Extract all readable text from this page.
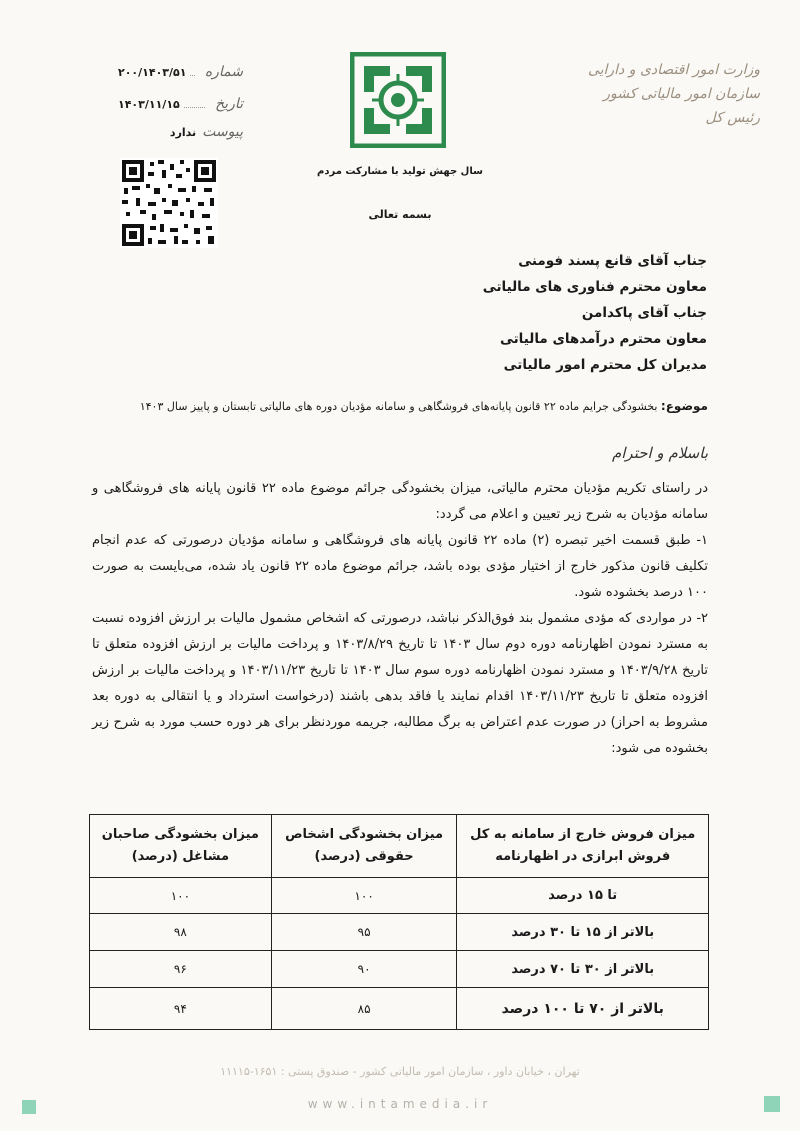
شماره
۲۰۰/۱۴۰۳/۵۱
تاریخ
۱۴۰۳/۱۱/۱۵
پیوست
ندارد
وزارت امور اقتصادی و دارایی
سازمان امور مالیاتی کشور
رئیس کل
سال جهش تولید با مشارکت مردم
بسمه تعالی
جناب آقای قانع پسند فومنی
معاون محترم فناوری های مالیاتی
جناب آقای پاکدامن
معاون محترم درآمدهای مالیاتی
مدیران کل محترم امور مالیاتی
موضوع: بخشودگی جرایم ماده ۲۲ قانون پایانه‌های فروشگاهی و سامانه مؤدیان دوره های مالیاتی تابستان و پاییز سال ۱۴۰۳
باسلام و احترام

در راستای تکریم مؤدیان محترم مالیاتی، میزان بخشودگی جرائم موضوع ماده ۲۲ قانون پایانه های فروشگاهی و سامانه مؤدیان به شرح زیر تعیین و اعلام می گردد:

۱- طبق قسمت اخیر تبصره (۲) ماده ۲۲ قانون پایانه های فروشگاهی و سامانه مؤدیان درصورتی که عدم انجام تکلیف قانون مذکور خارج از اختیار مؤدی بوده باشد، جرائم موضوع ماده ۲۲ قانون یاد شده، می‌بایست به صورت ۱۰۰ درصد بخشوده شود.

۲- در مواردی که مؤدی مشمول بند فوق‌الذکر نباشد، درصورتی که اشخاص مشمول مالیات بر ارزش افزوده نسبت به مسترد نمودن اظهارنامه دوره دوم سال ۱۴۰۳ تا تاریخ ۱۴۰۳/۸/۲۹ و پرداخت مالیات بر ارزش افزوده متعلق تا تاریخ ۱۴۰۳/۹/۲۸ و مسترد نمودن اظهارنامه دوره سوم سال ۱۴۰۳ تا تاریخ ۱۴۰۳/۱۱/۲۳ و پرداخت مالیات بر ارزش افزوده متعلق تا تاریخ ۱۴۰۳/۱۱/۲۳ اقدام نمایند یا فاقد بدهی باشند (درخواست استرداد و یا انتقالی به دوره بعد مشروط به احراز) در صورت عدم اعتراض به برگ مطالبه، جریمه موردنظر برای هر دوره حسب مورد به شرح زیر بخشوده می شود:

میزان فروش خارج از سامانه به کل فروش ابرازی در اظهارنامه	میزان بخشودگی اشخاص حقوقی (درصد)	میزان بخشودگی صاحبان مشاغل (درصد)
تا ۱۵ درصد	۱۰۰	۱۰۰
بالاتر از ۱۵ تا ۳۰ درصد	۹۵	۹۸
بالاتر از ۳۰ تا ۷۰ درصد	۹۰	۹۶
بالاتر از ۷۰ تا ۱۰۰ درصد	۸۵	۹۴
تهران ، خیابان داور ، سازمان امور مالیاتی کشور - صندوق پستی : ۱۶۵۱-۱۱۱۱۵
www.intamedia.ir
